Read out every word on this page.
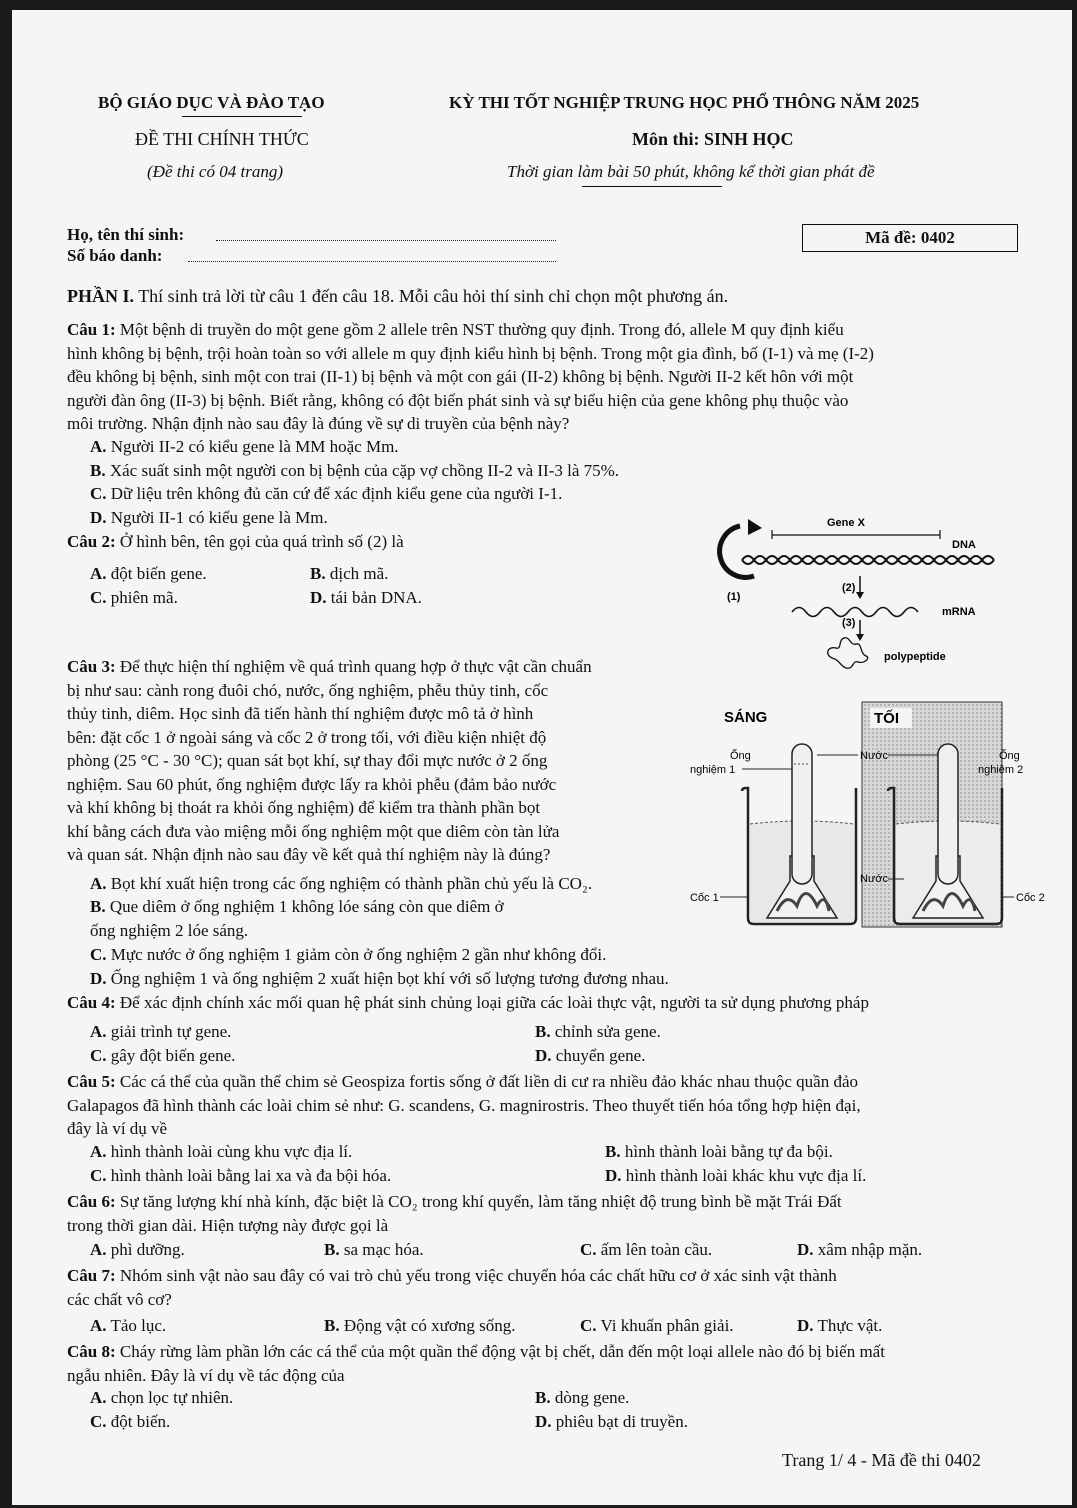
BỘ GIÁO DỤC VÀ ĐÀO TẠO	KỲ THI TỐT NGHIỆP TRUNG HỌC PHỔ THÔNG NĂM 2025
ĐỀ THI CHÍNH THỨC	Môn thi: SINH HỌC
(Đề thi có 04 trang)	Thời gian làm bài 50 phút, không kể thời gian phát đề
Họ, tên thí sinh:
Số báo danh:
Mã đề: 0402
PHẦN I. Thí sinh trả lời từ câu 1 đến câu 18. Mỗi câu hỏi thí sinh chỉ chọn một phương án.
Câu 1: Một bệnh di truyền do một gene gồm 2 allele trên NST thường quy định. Trong đó, allele M quy định kiểu
hình không bị bệnh, trội hoàn toàn so với allele m quy định kiểu hình bị bệnh. Trong một gia đình, bố (I-1) và mẹ (I-2)
đều không bị bệnh, sinh một con trai (II-1) bị bệnh và một con gái (II-2) không bị bệnh. Người II-2 kết hôn với một
người đàn ông (II-3) bị bệnh. Biết rằng, không có đột biến phát sinh và sự biểu hiện của gene không phụ thuộc vào
môi trường. Nhận định nào sau đây là đúng về sự di truyền của bệnh này?
A. Người II-2 có kiểu gene là MM hoặc Mm.
B. Xác suất sinh một người con bị bệnh của cặp vợ chồng II-2 và II-3 là 75%.
C. Dữ liệu trên không đủ căn cứ để xác định kiểu gene của người I-1.
D. Người II-1 có kiểu gene là Mm.
Câu 2: Ở hình bên, tên gọi của quá trình số (2) là
A. đột biến gene.	B. dịch mã.
C. phiên mã.	D. tái bản DNA.
Gene X
DNA
(1)
(2)
mRNA
(3)
polypeptide
Câu 3: Để thực hiện thí nghiệm về quá trình quang hợp ở thực vật cần chuẩn
bị như sau: cành rong đuôi chó, nước, ống nghiệm, phễu thủy tinh, cốc
thủy tinh, diêm. Học sinh đã tiến hành thí nghiệm được mô tả ở hình
bên: đặt cốc 1 ở ngoài sáng và cốc 2 ở trong tối, với điều kiện nhiệt độ
phòng (25 °C - 30 °C); quan sát bọt khí, sự thay đổi mực nước ở 2 ống
nghiệm. Sau 60 phút, ống nghiệm được lấy ra khỏi phễu (đảm bảo nước
và khí không bị thoát ra khỏi ống nghiệm) để kiểm tra thành phần bọt
khí bằng cách đưa vào miệng mỗi ống nghiệm một que diêm còn tàn lửa
và quan sát. Nhận định nào sau đây về kết quả thí nghiệm này là đúng?
A. Bọt khí xuất hiện trong các ống nghiệm có thành phần chủ yếu là CO₂.
B. Que diêm ở ống nghiệm 1 không lóe sáng còn que diêm ở
ống nghiệm 2 lóe sáng.
C. Mực nước ở ống nghiệm 1 giảm còn ở ống nghiệm 2 gần như không đổi.
D. Ống nghiệm 1 và ống nghiệm 2 xuất hiện bọt khí với số lượng tương đương nhau.
SÁNG	TỐI
Ống
nghiệm 1
Cốc 1
Nước
Nước
Ống
nghiệm 2
Cốc 2
Câu 4: Để xác định chính xác mối quan hệ phát sinh chủng loại giữa các loài thực vật, người ta sử dụng phương pháp
A. giải trình tự gene.	B. chỉnh sửa gene.
C. gây đột biến gene.	D. chuyển gene.
Câu 5: Các cá thể của quần thể chim sẻ Geospiza fortis sống ở đất liền di cư ra nhiều đảo khác nhau thuộc quần đảo
Galapagos đã hình thành các loài chim sẻ như: G. scandens, G. magnirostris. Theo thuyết tiến hóa tổng hợp hiện đại,
đây là ví dụ về
A. hình thành loài cùng khu vực địa lí.	B. hình thành loài bằng tự đa bội.
C. hình thành loài bằng lai xa và đa bội hóa.	D. hình thành loài khác khu vực địa lí.
Câu 6: Sự tăng lượng khí nhà kính, đặc biệt là CO₂ trong khí quyển, làm tăng nhiệt độ trung bình bề mặt Trái Đất
trong thời gian dài. Hiện tượng này được gọi là
A. phì dưỡng.	B. sa mạc hóa.	C. ấm lên toàn cầu.	D. xâm nhập mặn.
Câu 7: Nhóm sinh vật nào sau đây có vai trò chủ yếu trong việc chuyển hóa các chất hữu cơ ở xác sinh vật thành
các chất vô cơ?
A. Tảo lục.	B. Động vật có xương sống.	C. Vi khuẩn phân giải.	D. Thực vật.
Câu 8: Cháy rừng làm phần lớn các cá thể của một quần thể động vật bị chết, dẫn đến một loại allele nào đó bị biến mất
ngẫu nhiên. Đây là ví dụ về tác động của
A. chọn lọc tự nhiên.	B. dòng gene.
C. đột biến.	D. phiêu bạt di truyền.
Trang 1/ 4 - Mã đề thi 0402
